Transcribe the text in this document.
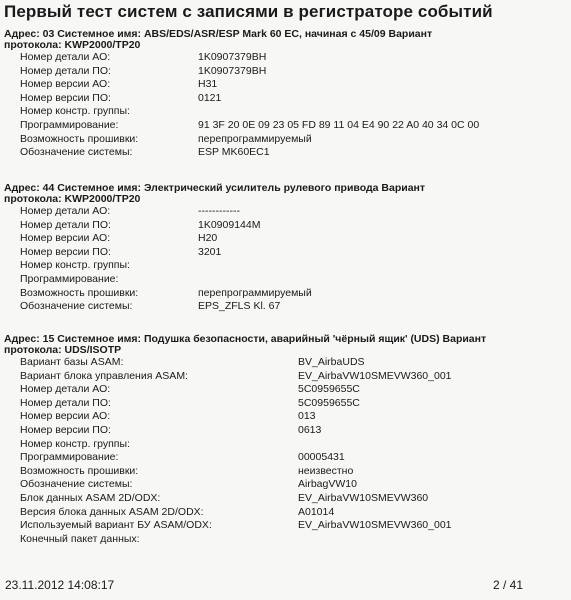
Первый тест систем с записями в регистраторе событий
Адрес: 03 Системное имя: ABS/EDS/ASR/ESP Mark 60 EC, начиная с 45/09 Вариант
протокола: KWP2000/TP20
Номер детали АО:	1K0907379BH
Номер детали ПО:	1K0907379BH
Номер версии АО:	H31
Номер версии ПО:	0121
Номер констр. группы:
Программирование:	91 3F 20 0E 09 23 05 FD 89 11 04 E4 90 22 A0 40 34 0C 00
Возможность прошивки:	перепрограммируемый
Обозначение системы:	ESP MK60EC1
Адрес: 44 Системное имя: Электрический усилитель рулевого привода Вариант
протокола: KWP2000/TP20
Номер детали АО:	------------
Номер детали ПО:	1K0909144M
Номер версии АО:	H20
Номер версии ПО:	3201
Номер констр. группы:
Программирование:
Возможность прошивки:	перепрограммируемый
Обозначение системы:	EPS_ZFLS Kl. 67
Адрес: 15 Системное имя: Подушка безопасности, аварийный 'чёрный ящик' (UDS) Вариант
протокола: UDS/ISOTP
Вариант базы ASAM:	BV_AirbaUDS
Вариант блока управления ASAM:	EV_AirbaVW10SMEVW360_001
Номер детали АО:	5C0959655C
Номер детали ПО:	5C0959655C
Номер версии АО:	013
Номер версии ПО:	0613
Номер констр. группы:
Программирование:	00005431
Возможность прошивки:	неизвестно
Обозначение системы:	AirbagVW10
Блок данных ASAM 2D/ODX:	EV_AirbaVW10SMEVW360
Версия блока данных ASAM 2D/ODX:	A01014
Используемый вариант БУ ASAM/ODX:	EV_AirbaVW10SMEVW360_001
Конечный пакет данных:
23.11.2012 14:08:17	2 / 41
